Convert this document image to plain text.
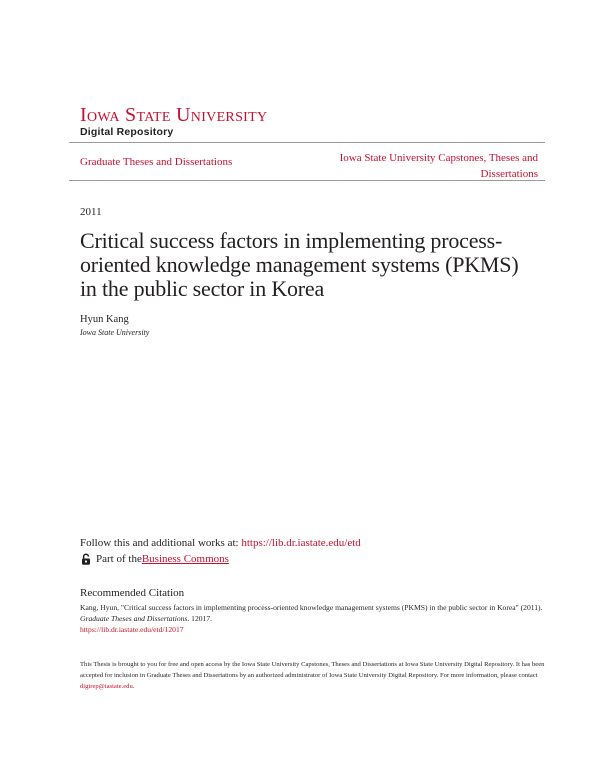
Iowa State University
Digital Repository
Graduate Theses and Dissertations	Iowa State University Capstones, Theses and Dissertations
2011
Critical success factors in implementing process-oriented knowledge management systems (PKMS) in the public sector in Korea
Hyun Kang
Iowa State University
Follow this and additional works at: https://lib.dr.iastate.edu/etd
Part of the Business Commons
Recommended Citation
Kang, Hyun, "Critical success factors in implementing process-oriented knowledge management systems (PKMS) in the public sector in Korea" (2011). Graduate Theses and Dissertations. 12017.
https://lib.dr.iastate.edu/etd/12017
This Thesis is brought to you for free and open access by the Iowa State University Capstones, Theses and Dissertations at Iowa State University Digital Repository. It has been accepted for inclusion in Graduate Theses and Dissertations by an authorized administrator of Iowa State University Digital Repository. For more information, please contact digirep@iastate.edu.
